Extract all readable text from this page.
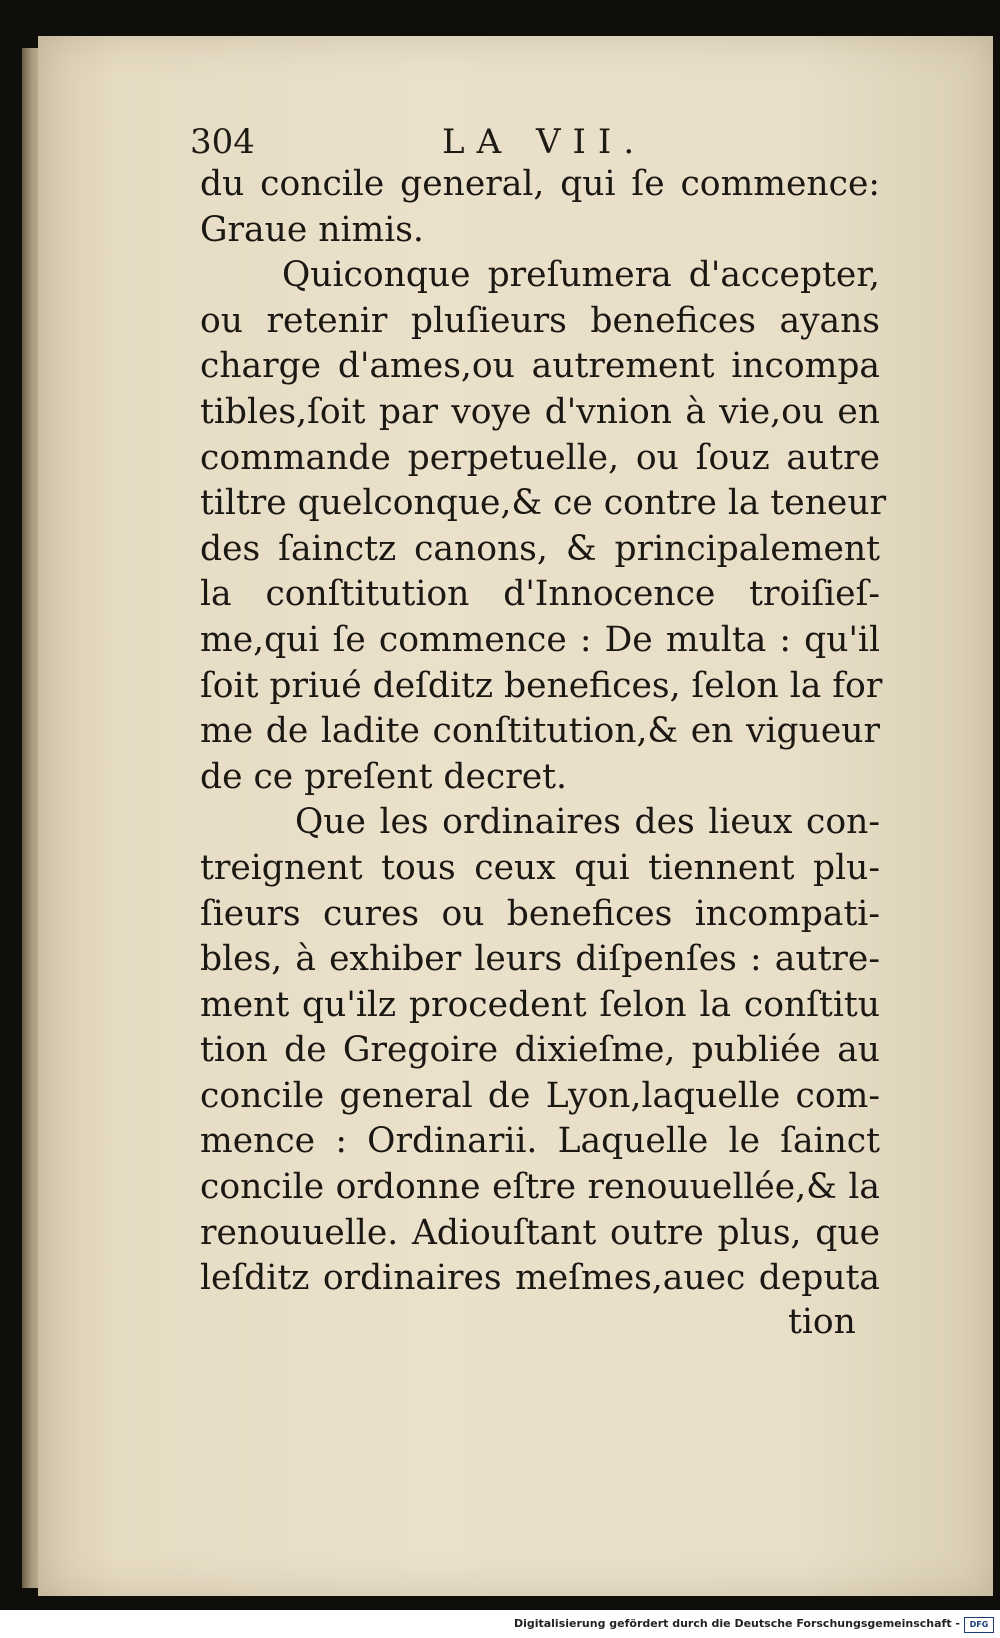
304	LA VII.
du concile general, qui ſe commence:
Graue nimis.
Quiconque preſumera d'accepter,
ou retenir pluſieurs benefices ayans
charge d'ames,ou autrement incompa
tibles,ſoit par voye d'vnion à vie,ou en
commande perpetuelle, ou ſouz autre
tiltre quelconque,& ce contre la teneur
des ſainctz canons, & principalement
la conſtitution d'Innocence troiſieſ-
me,qui ſe commence : De multa : qu'il
ſoit priué deſditz benefices, ſelon la for
me de ladite conſtitution,& en vigueur
de ce preſent decret.
Que les ordinaires des lieux con-
treignent tous ceux qui tiennent plu-
ſieurs cures ou benefices incompati-
bles, à exhiber leurs diſpenſes : autre-
ment qu'ilz procedent ſelon la conſtitu
tion de Gregoire dixieſme, publiée au
concile general de Lyon,laquelle com-
mence : Ordinarii. Laquelle le ſainct
concile ordonne eſtre renouuellée,& la
renouuelle. Adiouſtant outre plus, que
leſditz ordinaires meſmes,auec deputa
tion
Digitalisierung gefördert durch die Deutsche Forschungsgemeinschaft -	DFG
